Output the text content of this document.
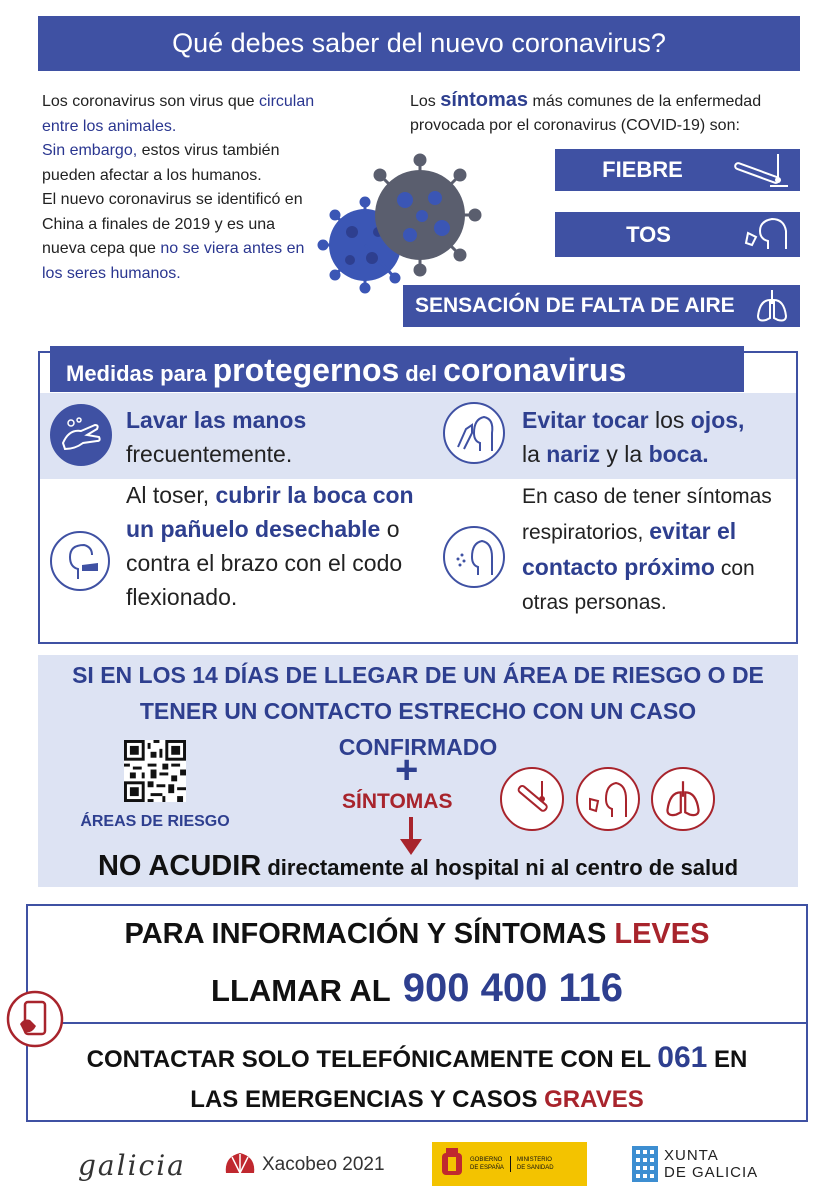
Qué debes saber del nuevo coronavirus?
Los coronavirus son virus que circulan entre los animales.
Sin embargo, estos virus también pueden afectar a los humanos.
El nuevo coronavirus se identificó en China a finales de 2019 y es una nueva cepa que no se viera antes en los seres humanos.
Los síntomas más comunes de la enfermedad provocada por el coronavirus (COVID-19) son:
FIEBRE
TOS
SENSACIÓN DE FALTA DE AIRE
Medidas para protegernos del coronavirus
Lavar las manos
frecuentemente.
Evitar tocar los ojos,
la nariz y la boca.
Al toser, cubrir la boca con un pañuelo desechable o contra el brazo con el codo flexionado.
En caso de tener síntomas respiratorios, evitar el contacto próximo con otras personas.
SI EN LOS 14 DÍAS DE LLEGAR DE UN ÁREA DE RIESGO O DE
TENER UN CONTACTO ESTRECHO CON UN CASO
CONFIRMADO
ÁREAS DE RIESGO
+
SÍNTOMAS
NO ACUDIR directamente al hospital ni al centro de salud
PARA INFORMACIÓN Y SÍNTOMAS LEVES
LLAMAR AL 900 400 116
CONTACTAR SOLO TELEFÓNICAMENTE CON EL 061 EN
LAS EMERGENCIAS Y CASOS GRAVES
galicia	Xacobeo 2021	GOBIERNO
DE ESPAÑA
MINISTERIO
DE SANIDAD
XUNTA
DE GALICIA
